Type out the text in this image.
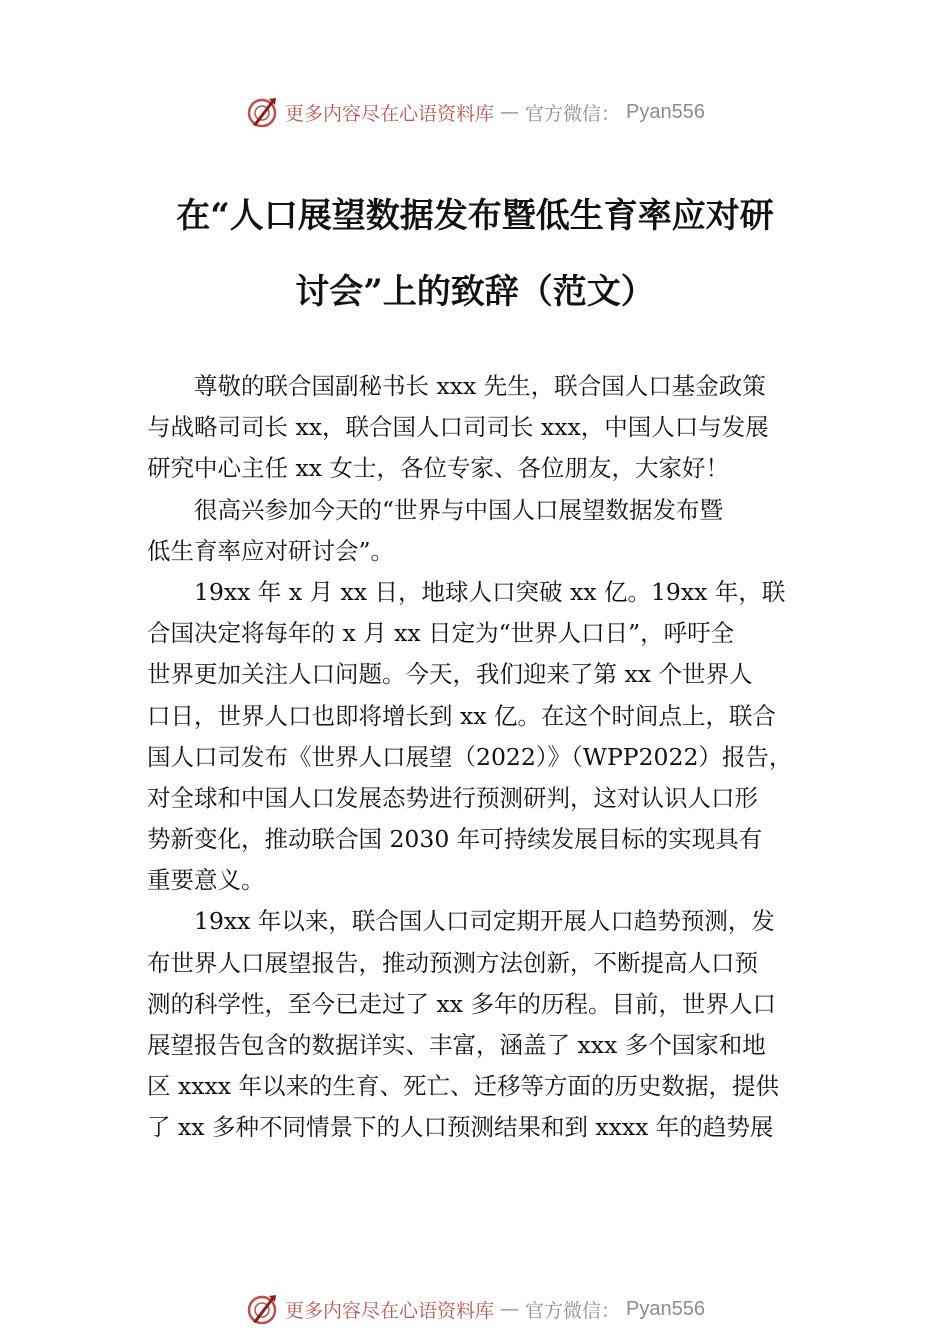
更多内容尽在心语资料库 — 官方微信： Pyan556
在“人口展望数据发布暨低生育率应对研
讨会”上的致辞（范文）
尊敬的联合国副秘书长 xxx 先生，联合国人口基金政策
与战略司司长 xx，联合国人口司司长 xxx，中国人口与发展
研究中心主任 xx 女士，各位专家、各位朋友，大家好！
很高兴参加今天的“世界与中国人口展望数据发布暨
低生育率应对研讨会”。
19xx 年 x 月 xx 日，地球人口突破 xx 亿。19xx 年，联
合国决定将每年的 x 月 xx 日定为“世界人口日”，呼吁全
世界更加关注人口问题。今天，我们迎来了第 xx 个世界人
口日，世界人口也即将增长到 xx 亿。在这个时间点上，联合
国人口司发布《世界人口展望（2022）》（WPP2022）报告，
对全球和中国人口发展态势进行预测研判，这对认识人口形
势新变化，推动联合国 2030 年可持续发展目标的实现具有
重要意义。
19xx 年以来，联合国人口司定期开展人口趋势预测，发
布世界人口展望报告，推动预测方法创新，不断提高人口预
测的科学性，至今已走过了 xx 多年的历程。目前，世界人口
展望报告包含的数据详实、丰富，涵盖了 xxx 多个国家和地
区 xxxx 年以来的生育、死亡、迁移等方面的历史数据，提供
了 xx 多种不同情景下的人口预测结果和到 xxxx 年的趋势展
更多内容尽在心语资料库 — 官方微信： Pyan556
